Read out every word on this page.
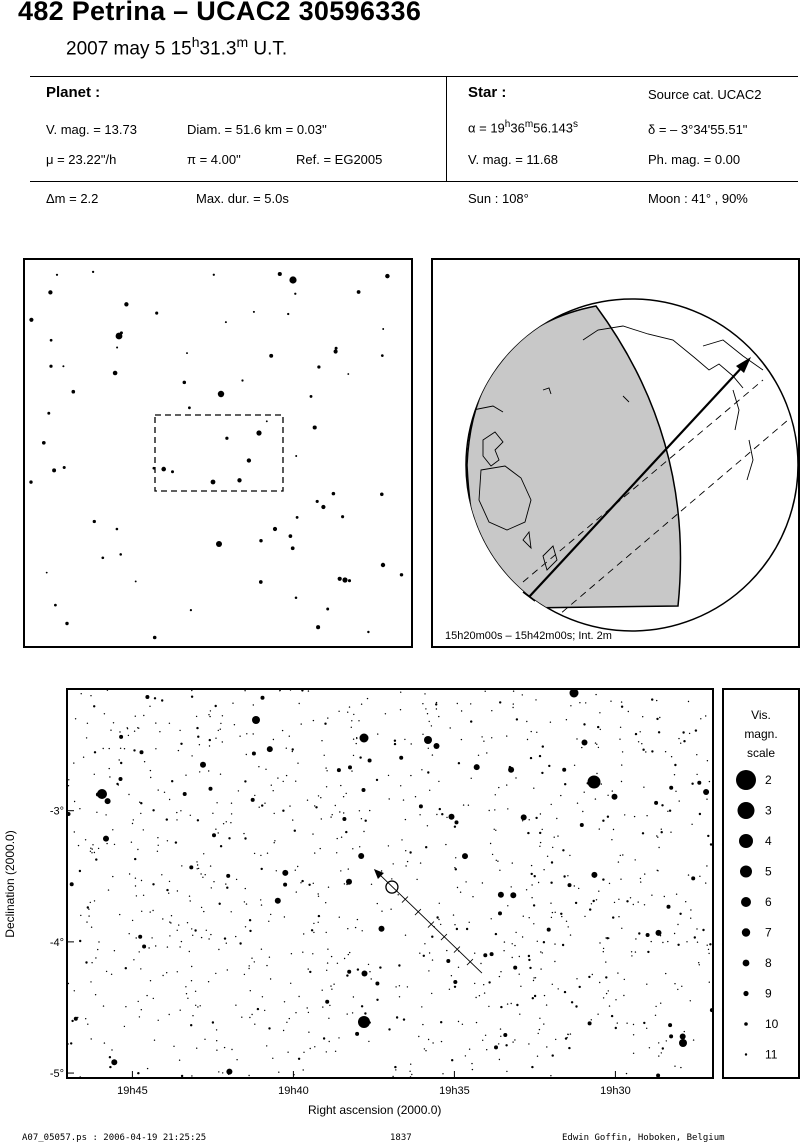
482 Petrina – UCAC2 30596336
2007 may 5 15$^h$31.3$^m$ U.T.
Planet :
V. mag. = 13.73	Diam. = 51.6 km = 0.03"
μ = 23.22"/h	π = 4.00"	Ref. = EG2005
Δm = 2.2	Max. dur. = 5.0s
Star :	Source cat. UCAC2
$\alpha = 19^h36^m56.143^s$	δ = – 3°34'55.51"
V. mag. = 11.68	Ph. mag. = 0.00
Sun : 108°	Moon : 41° , 90%
15h20m00s – 15h42m00s; Int. 2m
19h45	19h40	19h35	19h30
-3°
-4°
-5°
Right ascension (2000.0)
Declination (2000.0)
Vis.
magn.
scale
2
3
4
5
6
7
8
9
10
11
A07_05057.ps : 2006-04-19 21:25:25	1837	Edwin Goffin, Hoboken, Belgium
